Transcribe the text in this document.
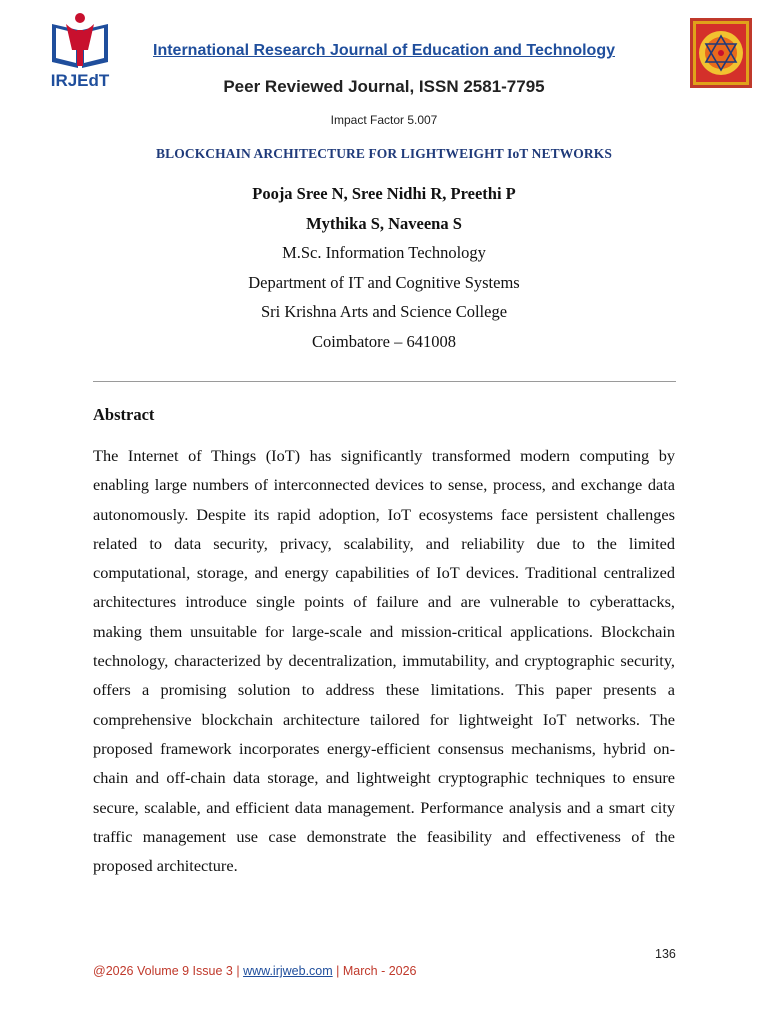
IRJEdT
International Research Journal of Education and Technology
Peer Reviewed Journal, ISSN 2581-7795
Impact Factor 5.007
BLOCKCHAIN ARCHITECTURE FOR LIGHTWEIGHT IoT NETWORKS
Pooja Sree N, Sree Nidhi R, Preethi P
Mythika S, Naveena S
M.Sc. Information Technology
Department of IT and Cognitive Systems
Sri Krishna Arts and Science College
Coimbatore – 641008
Abstract
The Internet of Things (IoT) has significantly transformed modern computing by enabling large numbers of interconnected devices to sense, process, and exchange data autonomously. Despite its rapid adoption, IoT ecosystems face persistent challenges related to data security, privacy, scalability, and reliability due to the limited computational, storage, and energy capabilities of IoT devices. Traditional centralized architectures introduce single points of failure and are vulnerable to cyberattacks, making them unsuitable for large-scale and mission-critical applications. Blockchain technology, characterized by decentralization, immutability, and cryptographic security, offers a promising solution to address these limitations. This paper presents a comprehensive blockchain architecture tailored for lightweight IoT networks. The proposed framework incorporates energy-efficient consensus mechanisms, hybrid on-chain and off-chain data storage, and lightweight cryptographic techniques to ensure secure, scalable, and efficient data management. Performance analysis and a smart city traffic management use case demonstrate the feasibility and effectiveness of the proposed architecture.
136
@2026 Volume 9 Issue 3 | www.irjweb.com | March - 2026
